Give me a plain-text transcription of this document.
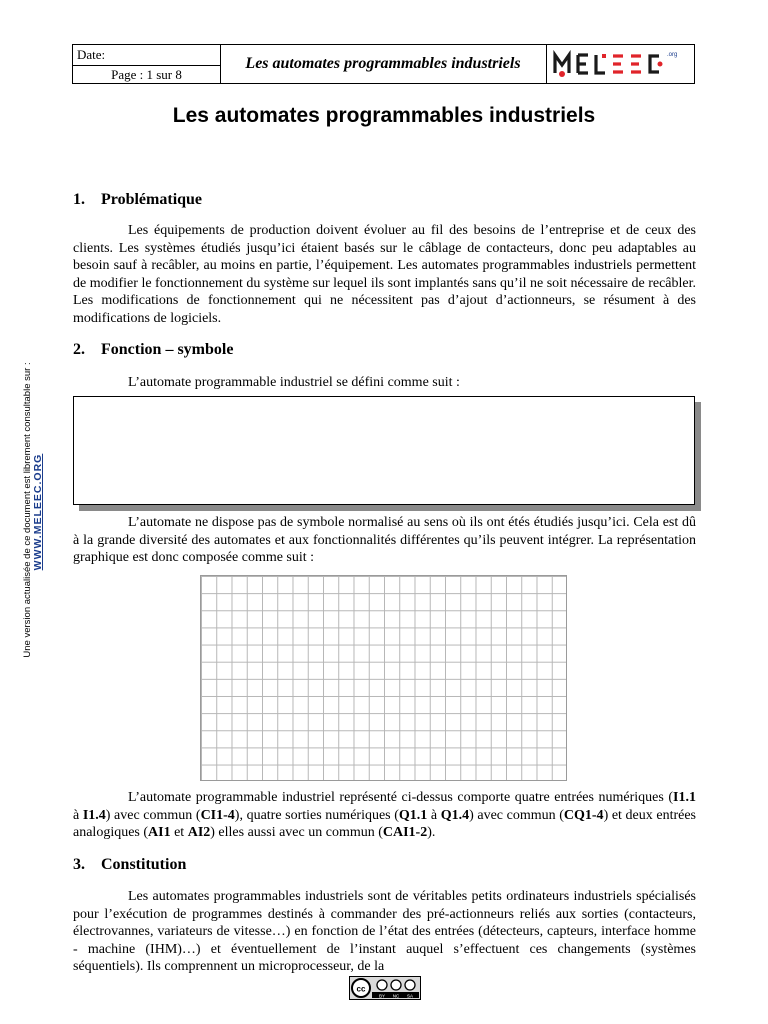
Date:
Page : 1 sur 8
Les automates programmables industriels	.org
Les automates programmables industriels
Une version actualisée de ce document est librement consultable sur : WWW.MELEEC.ORG
1. Problématique
Les équipements de production doivent évoluer au fil des besoins de l’entreprise et de ceux des clients. Les systèmes étudiés jusqu’ici étaient basés sur le câblage de contacteurs, donc peu adaptables au besoin sauf à recâbler, au moins en partie, l’équipement. Les automates programmables industriels permettent de modifier le fonctionnement du système sur lequel ils sont implantés sans qu’il ne soit nécessaire de recâbler. Les modifications de fonctionnement qui ne nécessitent pas d’ajout d’actionneurs, se résument à des modifications de logiciels.
2. Fonction – symbole
L’automate programmable industriel se défini comme suit :
L’automate ne dispose pas de symbole normalisé au sens où ils ont étés étudiés jusqu’ici. Cela est dû à la grande diversité des automates et aux fonctionnalités différentes qu’ils peuvent intégrer. La représentation graphique est donc composée comme suit :
L’automate programmable industriel représenté ci-dessus comporte quatre entrées numériques (I1.1 à I1.4) avec commun (CI1-4), quatre sorties numériques (Q1.1 à Q1.4) avec commun (CQ1-4) et deux entrées analogiques (AI1 et AI2) elles aussi avec un commun (CAI1-2).
3. Constitution
Les automates programmables industriels sont de véritables petits ordinateurs industriels spécialisés pour l’exécution de programmes destinés à commander des pré-actionneurs reliés aux sorties (contacteurs, électrovannes, variateurs de vitesse…) en fonction de l’état des entrées (détecteurs, capteurs, interface homme - machine (IHM)…) et éventuellement de l’instant auquel s’effectuent ces changements (systèmes séquentiels). Ils comprennent un microprocesseur, de la
cc
BY NC SA
